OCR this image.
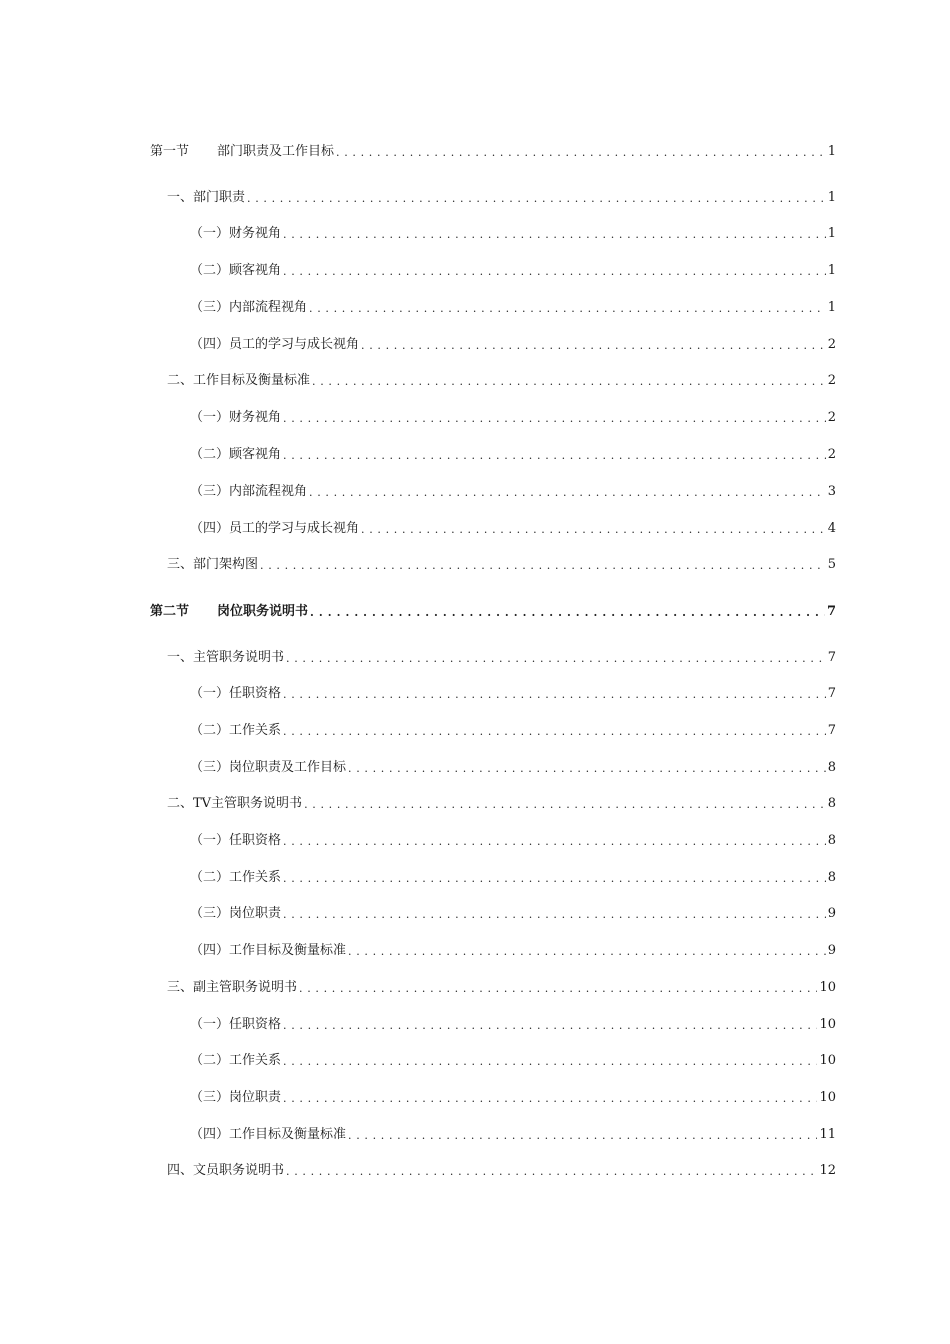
第一节 部门职责及工作目标 . . .	1
一、部门职责 . . .	1
（一）财务视角 . . .	1
（二）顾客视角 . . .	1
（三）内部流程视角 . . .	1
（四）员工的学习与成长视角 . . .	2
二、工作目标及衡量标准 . . .	2
（一）财务视角 . . .	2
（二）顾客视角 . . .	2
（三）内部流程视角 . . .	3
（四）员工的学习与成长视角 . . .	4
三、部门架构图 . . .	5
第二节 岗位职务说明书 . . .	7
一、主管职务说明书 . . .	7
（一）任职资格 . . .	7
（二）工作关系 . . .	7
（三）岗位职责及工作目标 . . .	8
二、TV主管职务说明书 . . .	8
（一）任职资格 . . .	8
（二）工作关系 . . .	8
（三）岗位职责 . . .	9
（四）工作目标及衡量标准 . . .	9
三、副主管职务说明书 . . .	10
（一）任职资格 . . .	10
（二）工作关系 . . .	10
（三）岗位职责 . . .	10
（四）工作目标及衡量标准 . . .	11
四、文员职务说明书 . . .	12
